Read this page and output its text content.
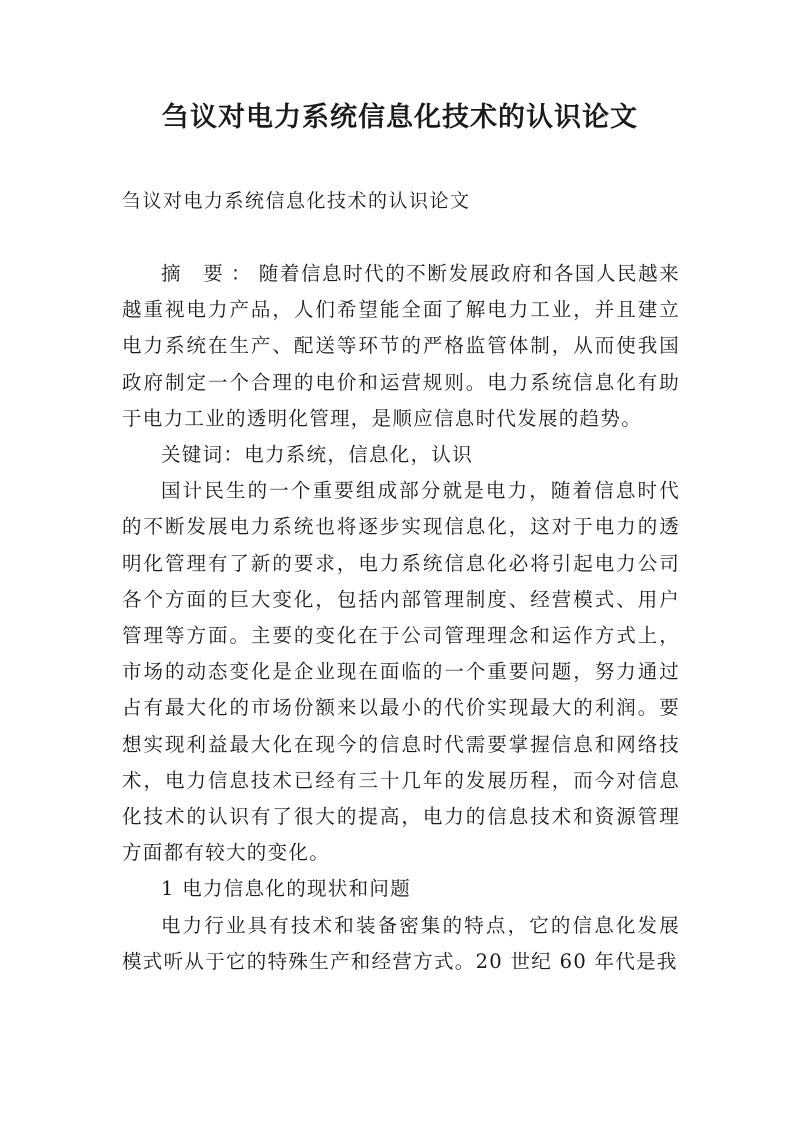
刍议对电力系统信息化技术的认识论文

刍议对电力系统信息化技术的认识论文

摘 要：随着信息时代的不断发展政府和各国人民越来越重视电力产品，人们希望能全面了解电力工业，并且建立电力系统在生产、配送等环节的严格监管体制，从而使我国政府制定一个合理的电价和运营规则。电力系统信息化有助于电力工业的透明化管理，是顺应信息时代发展的趋势。

关键词：电力系统，信息化，认识

国计民生的一个重要组成部分就是电力，随着信息时代的不断发展电力系统也将逐步实现信息化，这对于电力的透明化管理有了新的要求，电力系统信息化必将引起电力公司各个方面的巨大变化，包括内部管理制度、经营模式、用户管理等方面。主要的变化在于公司管理理念和运作方式上，市场的动态变化是企业现在面临的一个重要问题，努力通过占有最大化的市场份额来以最小的代价实现最大的利润。要想实现利益最大化在现今的信息时代需要掌握信息和网络技术，电力信息技术已经有三十几年的发展历程，而今对信息化技术的认识有了很大的提高，电力的信息技术和资源管理方面都有较大的变化。

1 电力信息化的现状和问题

电力行业具有技术和装备密集的特点，它的信息化发展模式听从于它的特殊生产和经营方式。20 世纪 60 年代是我
